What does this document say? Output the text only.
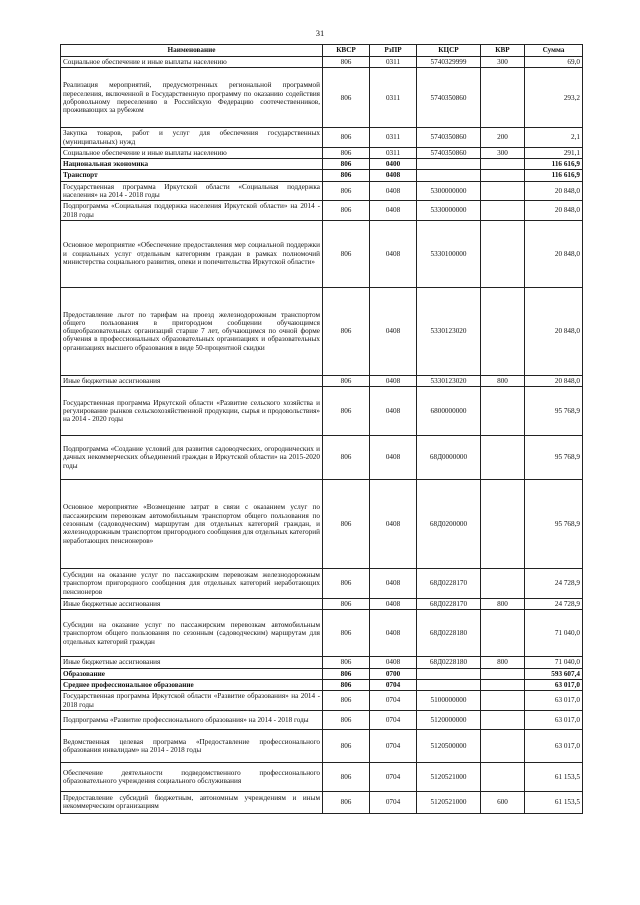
31
Наименование	КВСР	РзПР	КЦСР	КВР	Сумма
Социальное обеспечение и иные выплаты населению	806	0311	5740329999	300	69,0
Реализация мероприятий, предусмотренных региональной программой переселения, включенной в Государственную программу по оказанию содействия добровольному переселению в Российскую Федерацию соотечественников, проживающих за рубежом	806	0311	5740350860		293,2
Закупка товаров, работ и услуг для обеспечения государственных (муниципальных) нужд	806	0311	5740350860	200	2,1
Социальное обеспечение и иные выплаты населению	806	0311	5740350860	300	291,1
Национальная экономика	806	0400			116 616,9
Транспорт	806	0408			116 616,9
Государственная программа Иркутской области «Социальная поддержка населения» на 2014 - 2018 годы	806	0408	5300000000		20 848,0
Подпрограмма «Социальная поддержка населения Иркутской области» на 2014 - 2018 годы	806	0408	5330000000		20 848,0
Основное мероприятие «Обеспечение предоставления мер социальной поддержки и социальных услуг отдельным категориям граждан в рамках полномочий министерства социального развития, опеки и попечительства Иркутской области»	806	0408	5330100000		20 848,0
Предоставление льгот по тарифам на проезд железнодорожным транспортом общего пользования в пригородном сообщении обучающимся общеобразовательных организаций старше 7 лет, обучающимся по очной форме обучения в профессиональных образовательных организациях и образовательных организациях высшего образования в виде 50-процентной скидки	806	0408	5330123020		20 848,0
Иные бюджетные ассигнования	806	0408	5330123020	800	20 848,0
Государственная программа Иркутской области «Развитие сельского хозяйства и регулирование рынков сельскохозяйственной продукции, сырья и продовольствия» на 2014 - 2020 годы	806	0408	6800000000		95 768,9
Подпрограмма «Создание условий для развития садоводческих, огороднических и дачных некоммерческих объединений граждан в Иркутской области» на 2015-2020 годы	806	0408	68Д0000000		95 768,9
Основное мероприятие «Возмещение затрат в связи с оказанием услуг по пассажирским перевозкам автомобильным транспортом общего пользования по сезонным (садоводческим) маршрутам для отдельных категорий граждан, и железнодорожным транспортом пригородного сообщения для отдельных категорий неработающих пенсионеров»	806	0408	68Д0200000		95 768,9
Субсидии на оказание услуг по пассажирским перевозкам железнодорожным транспортом пригородного сообщения для отдельных категорий неработающих пенсионеров	806	0408	68Д0228170		24 728,9
Иные бюджетные ассигнования	806	0408	68Д0228170	800	24 728,9
Субсидии на оказание услуг по пассажирским перевозкам автомобильным транспортом общего пользования по сезонным (садоводческим) маршрутам для отдельных категорий граждан	806	0408	68Д0228180		71 040,0
Иные бюджетные ассигнования	806	0408	68Д0228180	800	71 040,0
Образование	806	0700			593 607,4
Среднее профессиональное образование	806	0704			63 017,0
Государственная программа Иркутской области «Развитие образования» на 2014 - 2018 годы	806	0704	5100000000		63 017,0
Подпрограмма «Развитие профессионального образования» на 2014 - 2018 годы	806	0704	5120000000		63 017,0
Ведомственная целевая программа «Предоставление профессионального образования инвалидам» на 2014 - 2018 годы	806	0704	5120500000		63 017,0
Обеспечение деятельности подведомственного профессионального образовательного учреждения социального обслуживания	806	0704	5120521000		61 153,5
Предоставление субсидий бюджетным, автономным учреждениям и иным некоммерческим организациям	806	0704	5120521000	600	61 153,5
